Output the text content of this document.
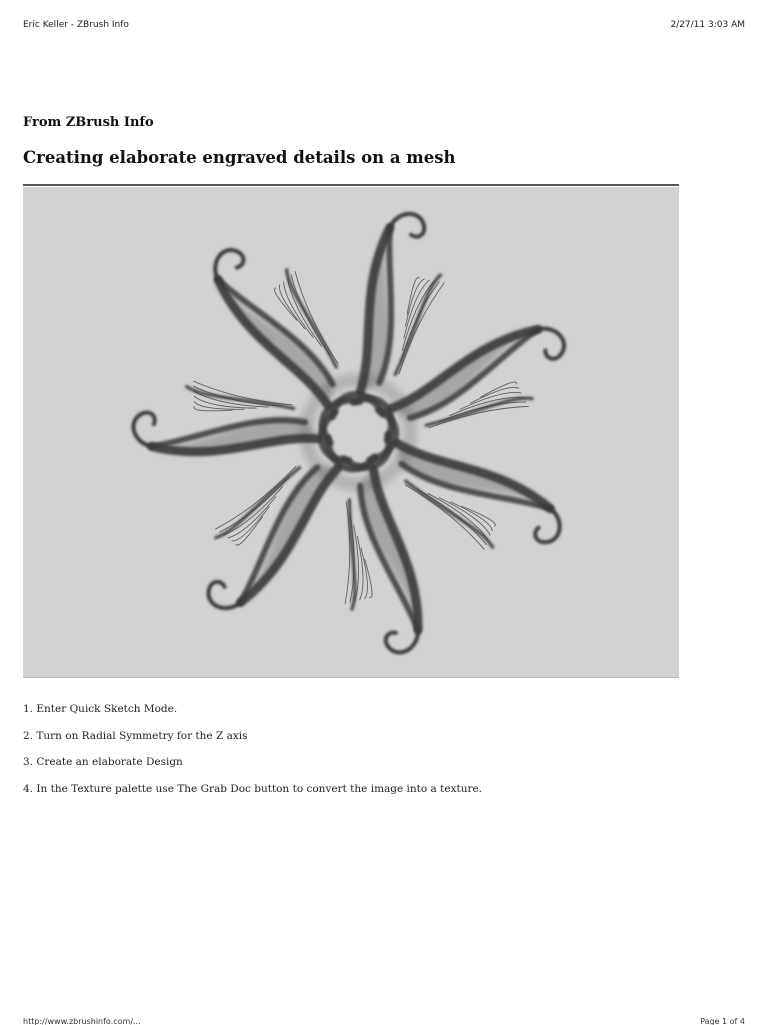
Eric Keller - ZBrush Info	2/27/11 3:03 AM
From ZBrush Info
Creating elaborate engraved details on a mesh
1. Enter Quick Sketch Mode.
2. Turn on Radial Symmetry for the Z axis
3. Create an elaborate Design
4. In the Texture palette use The Grab Doc button to convert the image into a texture.
http://www.zbrushinfo.com/...	Page 1 of 4
